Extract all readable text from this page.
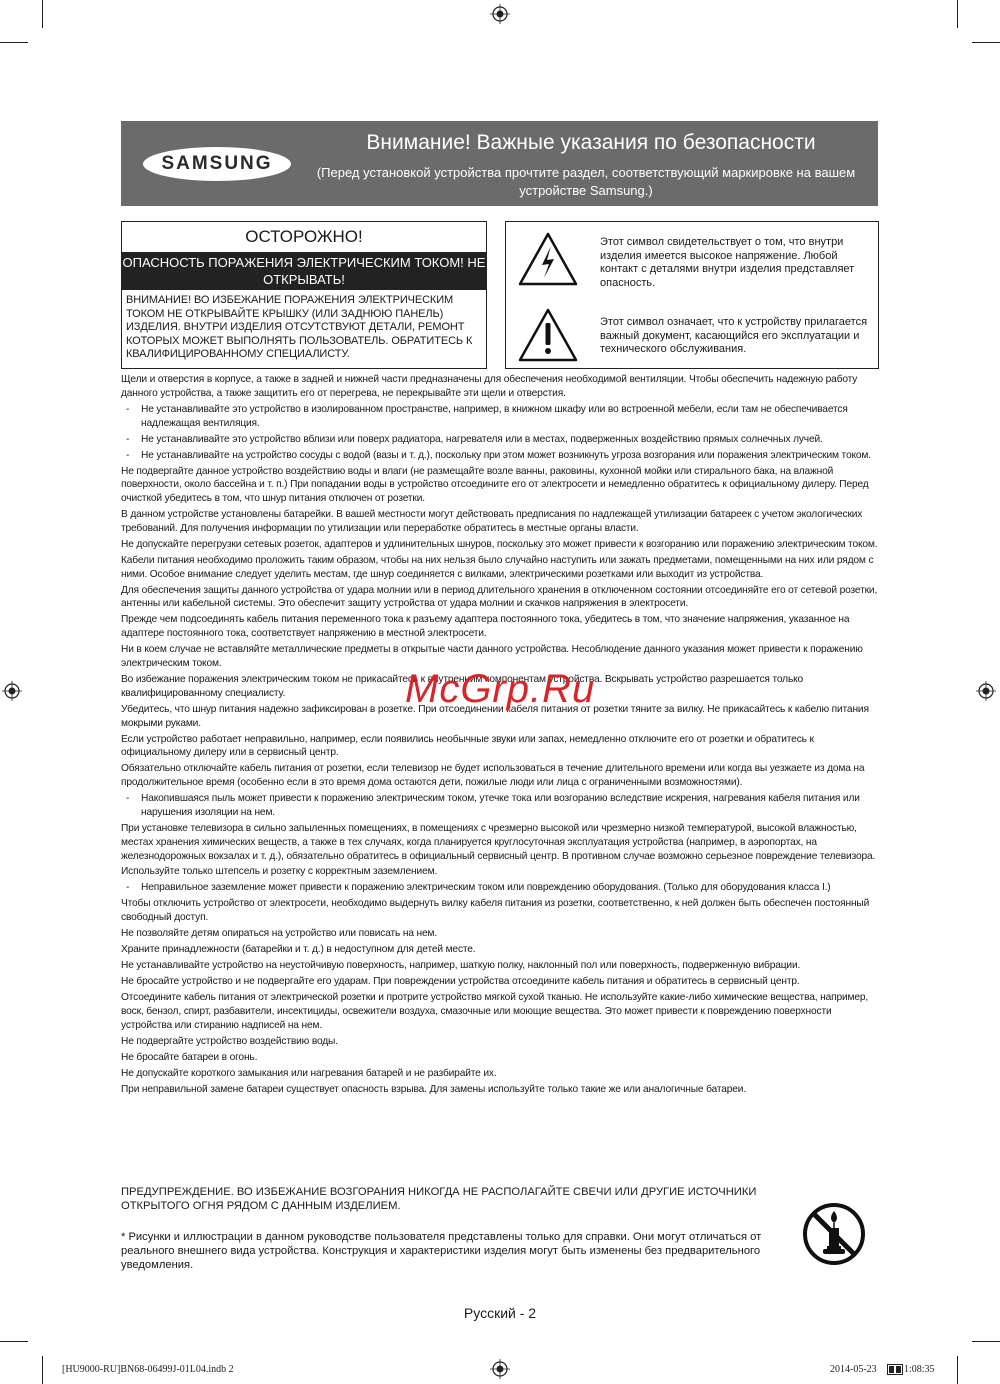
SAMSUNG
Внимание! Важные указания по безопасности
(Перед установкой устройства прочтите раздел, соответствующий маркировке на вашем устройстве Samsung.)
ОСТОРОЖНО!
ОПАСНОСТЬ ПОРАЖЕНИЯ ЭЛЕКТРИЧЕСКИМ ТОКОМ! НЕ ОТКРЫВАТЬ!
ВНИМАНИЕ! ВО ИЗБЕЖАНИЕ ПОРАЖЕНИЯ ЭЛЕКТРИЧЕСКИМ ТОКОМ НЕ ОТКРЫВАЙТЕ КРЫШКУ (ИЛИ ЗАДНЮЮ ПАНЕЛЬ) ИЗДЕЛИЯ. ВНУТРИ ИЗДЕЛИЯ ОТСУТСТВУЮТ ДЕТАЛИ, РЕМОНТ КОТОРЫХ МОЖЕТ ВЫПОЛНЯТЬ ПОЛЬЗОВАТЕЛЬ. ОБРАТИТЕСЬ К КВАЛИФИЦИРОВАННОМУ СПЕЦИАЛИСТУ.
Этот символ свидетельствует о том, что внутри изделия имеется высокое напряжение. Любой контакт с деталями внутри изделия представляет опасность.
Этот символ означает, что к устройству прилагается важный документ, касающийся его эксплуатации и технического обслуживания.

Щели и отверстия в корпусе, а также в задней и нижней части предназначены для обеспечения необходимой вентиляции. Чтобы обеспечить надежную работу данного устройства, а также защитить его от перегрева, не перекрывайте эти щели и отверстия.

- Не устанавливайте это устройство в изолированном пространстве, например, в книжном шкафу или во встроенной мебели, если там не обеспечивается надлежащая вентиляция.

- Не устанавливайте это устройство вблизи или поверх радиатора, нагревателя или в местах, подверженных воздействию прямых солнечных лучей.

- Не устанавливайте на устройство сосуды с водой (вазы и т. д.), поскольку при этом может возникнуть угроза возгорания или поражения электрическим током.

Не подвергайте данное устройство воздействию воды и влаги (не размещайте возле ванны, раковины, кухонной мойки или стирального бака, на влажной поверхности, около бассейна и т. п.) При попадании воды в устройство отсоедините его от электросети и немедленно обратитесь к официальному дилеру. Перед очисткой убедитесь в том, что шнур питания отключен от розетки.

В данном устройстве установлены батарейки. В вашей местности могут действовать предписания по надлежащей утилизации батареек с учетом экологических требований. Для получения информации по утилизации или переработке обратитесь в местные органы власти.

Не допускайте перегрузки сетевых розеток, адаптеров и удлинительных шнуров, поскольку это может привести к возгоранию или поражению электрическим током.

Кабели питания необходимо проложить таким образом, чтобы на них нельзя было случайно наступить или зажать предметами, помещенными на них или рядом с ними. Особое внимание следует уделить местам, где шнур соединяется с вилками, электрическими розетками или выходит из устройства.

Для обеспечения защиты данного устройства от удара молнии или в период длительного хранения в отключенном состоянии отсоединяйте его от сетевой розетки, антенны или кабельной системы. Это обеспечит защиту устройства от удара молнии и скачков напряжения в электросети.

Прежде чем подсоединять кабель питания переменного тока к разъему адаптера постоянного тока, убедитесь в том, что значение напряжения, указанное на адаптере постоянного тока, соответствует напряжению в местной электросети.

Ни в коем случае не вставляйте металлические предметы в открытые части данного устройства. Несоблюдение данного указания может привести к поражению электрическим током.

Во избежание поражения электрическим током не прикасайтесь к внутренним компонентам устройства. Вскрывать устройство разрешается только квалифицированному специалисту.

Убедитесь, что шнур питания надежно зафиксирован в розетке. При отсоединении кабеля питания от розетки тяните за вилку. Не прикасайтесь к кабелю питания мокрыми руками.

Если устройство работает неправильно, например, если появились необычные звуки или запах, немедленно отключите его от розетки и обратитесь к официальному дилеру или в сервисный центр.

Обязательно отключайте кабель питания от розетки, если телевизор не будет использоваться в течение длительного времени или когда вы уезжаете из дома на продолжительное время (особенно если в это время дома остаются дети, пожилые люди или лица с ограниченными возможностями).

- Накопившаяся пыль может привести к поражению электрическим током, утечке тока или возгоранию вследствие искрения, нагревания кабеля питания или нарушения изоляции на нем.

При установке телевизора в сильно запыленных помещениях, в помещениях с чрезмерно высокой или чрезмерно низкой температурой, высокой влажностью, местах хранения химических веществ, а также в тех случаях, когда планируется круглосуточная эксплуатация устройства (например, в аэропортах, на железнодорожных вокзалах и т. д.), обязательно обратитесь в официальный сервисный центр. В противном случае возможно серьезное повреждение телевизора.

Используйте только штепсель и розетку с корректным заземлением.

- Неправильное заземление может привести к поражению электрическим током или повреждению оборудования. (Только для оборудования класса I.)

Чтобы отключить устройство от электросети, необходимо выдернуть вилку кабеля питания из розетки, соответственно, к ней должен быть обеспечен постоянный свободный доступ.

Не позволяйте детям опираться на устройство или повисать на нем.

Храните принадлежности (батарейки и т. д.) в недоступном для детей месте.

Не устанавливайте устройство на неустойчивую поверхность, например, шаткую полку, наклонный пол или поверхность, подверженную вибрации.

Не бросайте устройство и не подвергайте его ударам. При повреждении устройства отсоедините кабель питания и обратитесь в сервисный центр.

Отсоедините кабель питания от электрической розетки и протрите устройство мягкой сухой тканью. Не используйте какие-либо химические вещества, например, воск, бензол, спирт, разбавители, инсектициды, освежители воздуха, смазочные или моющие вещества. Это может привести к повреждению поверхности устройства или стиранию надписей на нем.

Не подвергайте устройство воздействию воды.

Не бросайте батареи в огонь.

Не допускайте короткого замыкания или нагревания батарей и не разбирайте их.

При неправильной замене батареи существует опасность взрыва. Для замены используйте только такие же или аналогичные батареи.

ПРЕДУПРЕЖДЕНИЕ. ВО ИЗБЕЖАНИЕ ВОЗГОРАНИЯ НИКОГДА НЕ РАСПОЛАГАЙТЕ СВЕЧИ ИЛИ ДРУГИЕ ИСТОЧНИКИ ОТКРЫТОГО ОГНЯ РЯДОМ С ДАННЫМ ИЗДЕЛИЕМ.
* Рисунки и иллюстрации в данном руководстве пользователя представлены только для справки. Они могут отличаться от реального внешнего вида устройства. Конструкция и характеристики изделия могут быть изменены без предварительного уведомления.
McGrp.Ru
Русский - 2
[HU9000-RU]BN68-06499J-01L04.indb 2	2014-05-23	1:08:35
